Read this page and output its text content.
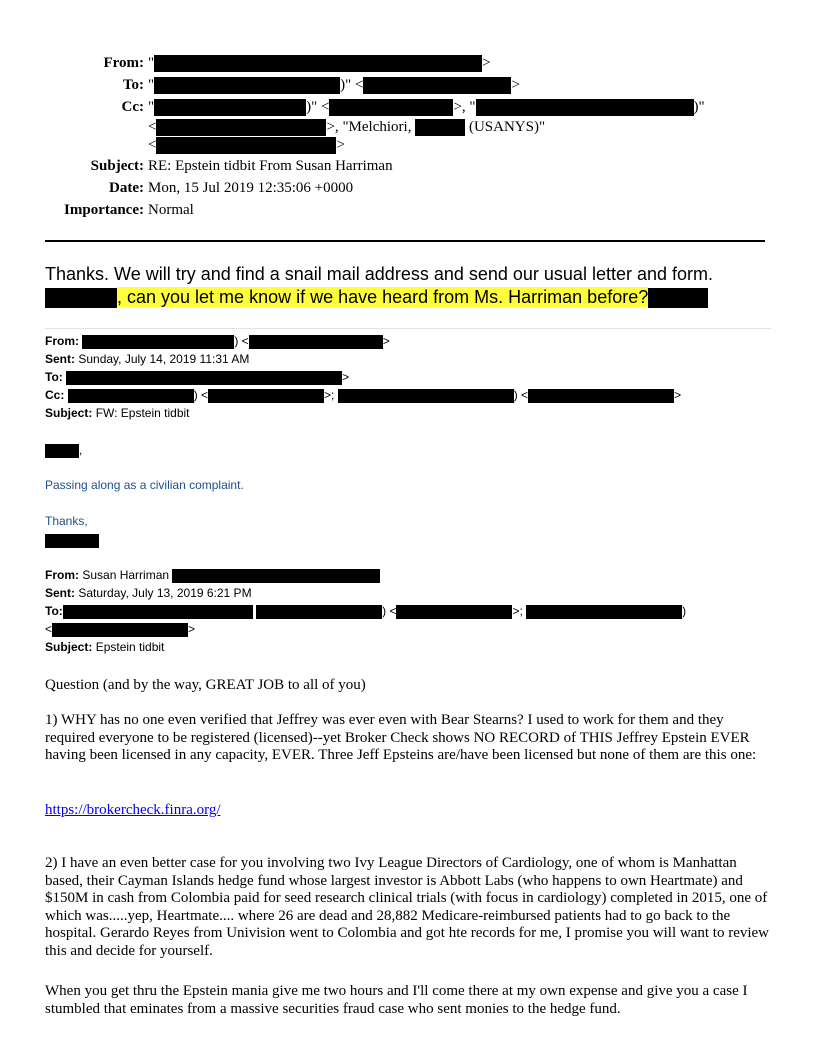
From: "	>
To: "	)" <	>
Cc: "	)" <	>, "	)"
<	>, "Melchiori,	(USANYS)"
<	>
Subject: RE: Epstein tidbit From Susan Harriman
Date: Mon, 15 Jul 2019 12:35:06 +0000
Importance: Normal
Thanks. We will try and find a snail mail address and send our usual letter and form.
, can you let me know if we have heard from Ms. Harriman before?
From:	) <	>
Sent: Sunday, July 14, 2019 11:31 AM
To:	>
Cc:	) <	>;	) <	>
Subject: FW: Epstein tidbit
,
Passing along as a civilian complaint.
Thanks,
From: Susan Harriman
Sent: Saturday, July 13, 2019 6:21 PM
To:	) <	>;	)
<	>
Subject: Epstein tidbit
Question (and by the way, GREAT JOB to all of you)
1) WHY has no one even verified that Jeffrey was ever even with Bear Stearns? I used to work for them and they required everyone to be registered (licensed)--yet Broker Check shows NO RECORD of THIS Jeffrey Epstein EVER having been licensed in any capacity, EVER. Three Jeff Epsteins are/have been licensed but none of them are this one:
https://brokercheck.finra.org/
2) I have an even better case for you involving two Ivy League Directors of Cardiology, one of whom is Manhattan based, their Cayman Islands hedge fund whose largest investor is Abbott Labs (who happens to own Heartmate) and $150M in cash from Colombia paid for seed research clinical trials (with focus in cardiology) completed in 2015, one of which was.....yep, Heartmate.... where 26 are dead and 28,882 Medicare-reimbursed patients had to go back to the hospital. Gerardo Reyes from Univision went to Colombia and got hte records for me, I promise you will want to review this and decide for yourself.
When you get thru the Epstein mania give me two hours and I'll come there at my own expense and give you a case I stumbled that eminates from a massive securities fraud case who sent monies to the hedge fund.
